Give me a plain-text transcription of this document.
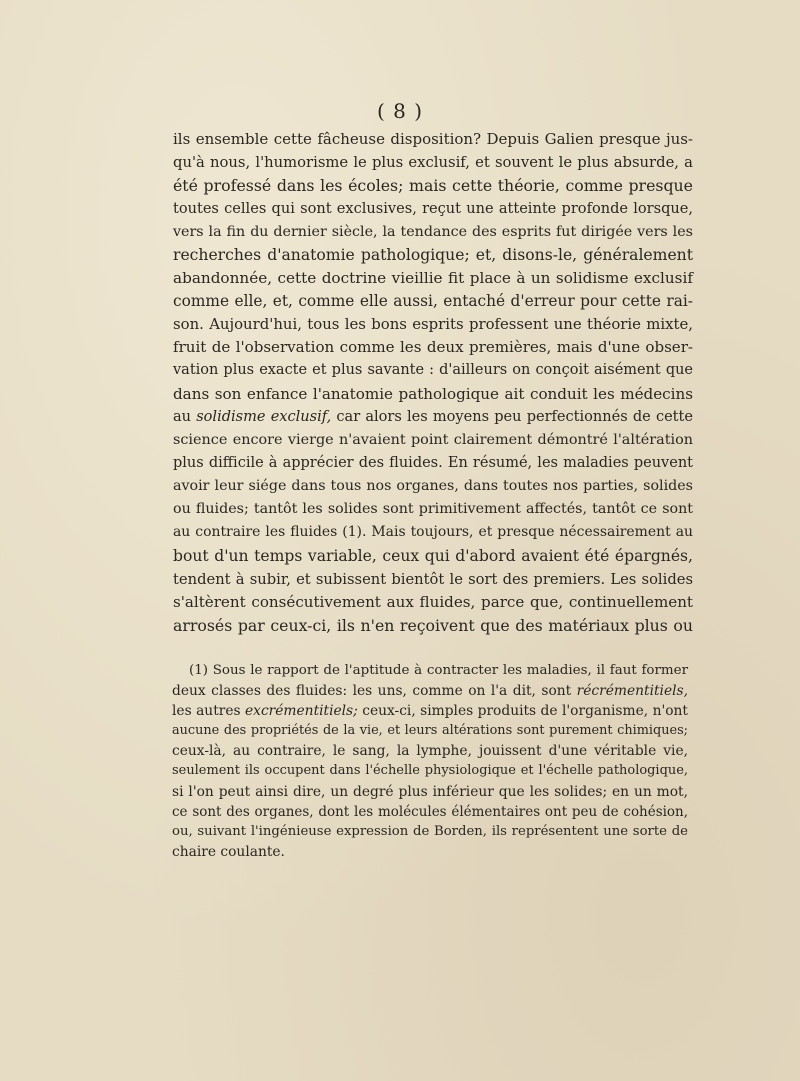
( 8 )
ils ensemble cette fâcheuse disposition? Depuis Galien presque jus-
qu'à nous, l'humorisme le plus exclusif, et souvent le plus absurde, a
été professé dans les écoles; mais cette théorie, comme presque
toutes celles qui sont exclusives, reçut une atteinte profonde lorsque,
vers la fin du dernier siècle, la tendance des esprits fut dirigée vers les
recherches d'anatomie pathologique; et, disons-le, généralement
abandonnée, cette doctrine vieillie fit place à un solidisme exclusif
comme elle, et, comme elle aussi, entaché d'erreur pour cette rai-
son. Aujourd'hui, tous les bons esprits professent une théorie mixte,
fruit de l'observation comme les deux premières, mais d'une obser-
vation plus exacte et plus savante : d'ailleurs on conçoit aisément que
dans son enfance l'anatomie pathologique ait conduit les médecins
au solidisme exclusif, car alors les moyens peu perfectionnés de cette
science encore vierge n'avaient point clairement démontré l'altération
plus difficile à apprécier des fluides. En résumé, les maladies peuvent
avoir leur siége dans tous nos organes, dans toutes nos parties, solides
ou fluides; tantôt les solides sont primitivement affectés, tantôt ce sont
au contraire les fluides (1). Mais toujours, et presque nécessairement au
bout d'un temps variable, ceux qui d'abord avaient été épargnés,
tendent à subir, et subissent bientôt le sort des premiers. Les solides
s'altèrent consécutivement aux fluides, parce que, continuellement
arrosés par ceux-ci, ils n'en reçoivent que des matériaux plus ou
(1) Sous le rapport de l'aptitude à contracter les maladies, il faut former
deux classes des fluides: les uns, comme on l'a dit, sont récrémentitiels,
les autres excrémentitiels; ceux-ci, simples produits de l'organisme, n'ont
aucune des propriétés de la vie, et leurs altérations sont purement chimiques;
ceux-là, au contraire, le sang, la lymphe, jouissent d'une véritable vie,
seulement ils occupent dans l'échelle physiologique et l'échelle pathologique,
si l'on peut ainsi dire, un degré plus inférieur que les solides; en un mot,
ce sont des organes, dont les molécules élémentaires ont peu de cohésion,
ou, suivant l'ingénieuse expression de Borden, ils représentent une sorte de
chaire coulante.
